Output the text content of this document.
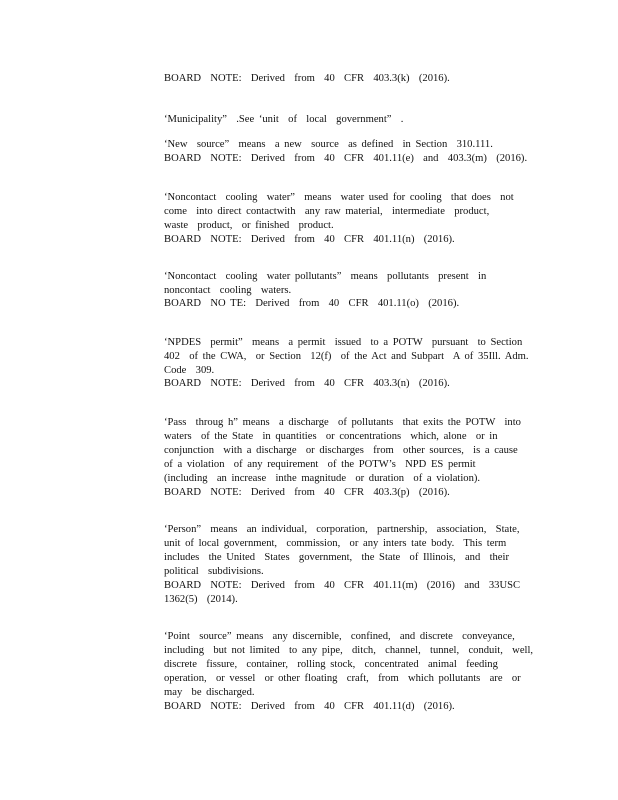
BOARD  NOTE:  Derived  from  40  CFR  403.3(k)  (2016).
‘Municipality”  .See ‘unit  of  local  government”  .
‘New  source”  means  a new  source  as defined  in Section  310.111.
BOARD  NOTE:  Derived  from  40  CFR  401.11(e)  and  403.3(m)  (2016).
‘Noncontact  cooling  water”  means  water used for cooling  that does  not
come  into direct contactwith  any raw material,  intermediate  product,
waste  product,  or finished  product.
BOARD  NOTE:  Derived  from  40  CFR  401.11(n)  (2016).
‘Noncontact  cooling  water pollutants”  means  pollutants  present  in
noncontact  cooling  waters.
BOARD  NO TE:  Derived  from  40  CFR  401.11(o)  (2016).
‘NPDES  permit”  means  a permit  issued  to a POTW  pursuant  to Section
402  of the CWA,  or Section  12(f)  of the Act and Subpart  A of 35Ill. Adm.
Code  309.
BOARD  NOTE:  Derived  from  40  CFR  403.3(n)  (2016).
‘Pass  throug h” means  a discharge  of pollutants  that exits the POTW  into
waters  of the State  in quantities  or concentrations  which, alone  or in
conjunction  with a discharge  or discharges  from  other sources,  is a cause
of a violation  of any requirement  of the POTW’s  NPD ES permit
(including  an increase  inthe magnitude  or duration  of a violation).
BOARD  NOTE:  Derived  from  40  CFR  403.3(p)  (2016).
‘Person”  means  an individual,  corporation,  partnership,  association,  State,
unit of local government,  commission,  or any inters tate body.  This term
includes  the United  States  government,  the State  of Illinois,  and  their
political  subdivisions.
BOARD  NOTE:  Derived  from  40  CFR  401.11(m)  (2016)  and  33USC
1362(5)  (2014).
‘Point  source” means  any discernible,  confined,  and discrete  conveyance,
including  but not limited  to any pipe,  ditch,  channel,  tunnel,  conduit,  well,
discrete  fissure,  container,  rolling stock,  concentrated  animal  feeding
operation,  or vessel  or other floating  craft,  from  which pollutants  are  or
may  be discharged.
BOARD  NOTE:  Derived  from  40  CFR  401.11(d)  (2016).
